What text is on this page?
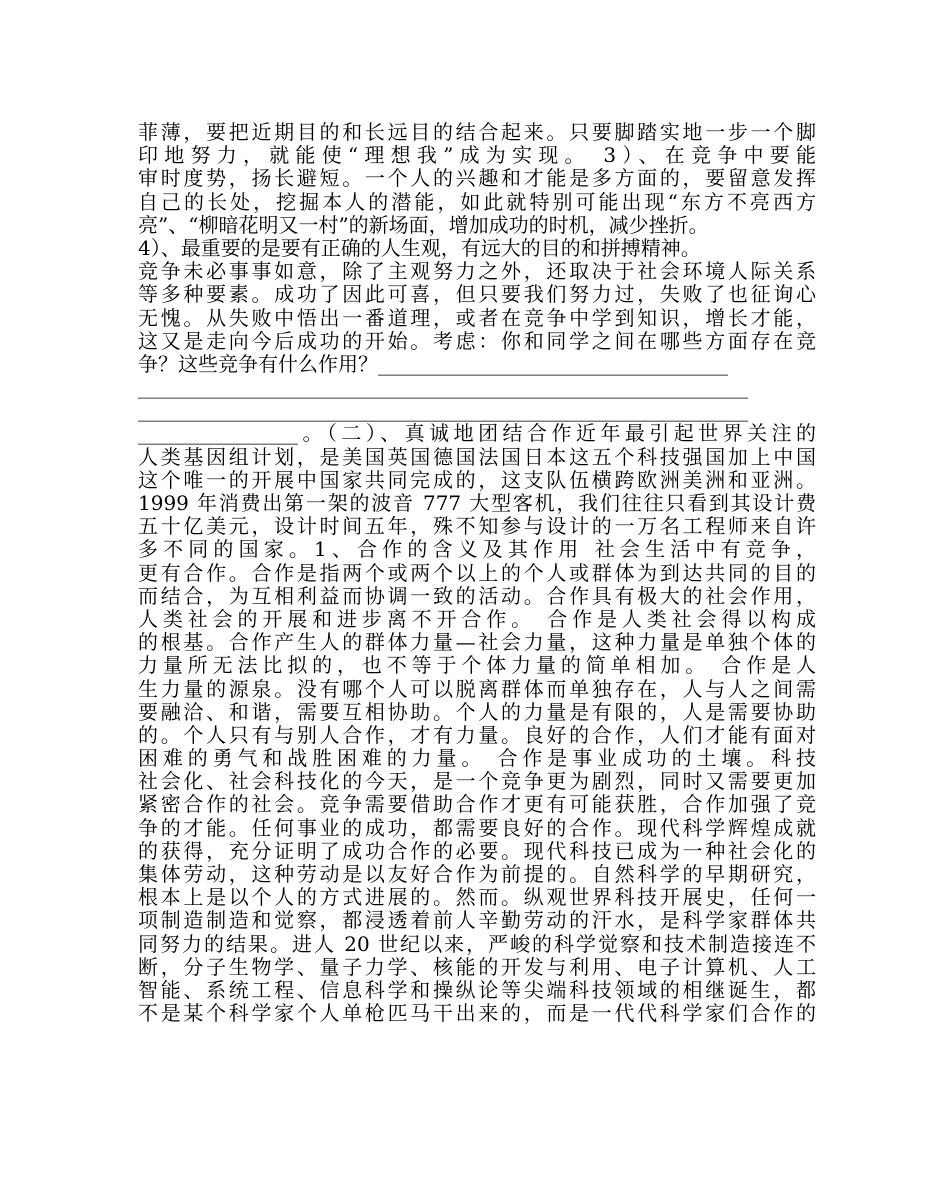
菲薄，要把近期目的和长远目的结合起来。只要脚踏实地一步一个脚
印地努力，就能使“理想我”成为实现。 3）、在竞争中要能
审时度势，扬长避短。一个人的兴趣和才能是多方面的，要留意发挥
自己的长处，挖掘本人的潜能，如此就特别可能出现“东方不亮西方
亮”、“柳暗花明又一村”的新场面，增加成功的时机，减少挫折。
4）、最重要的是要有正确的人生观，有远大的目的和拼搏精神。
竞争未必事事如意，除了主观努力之外，还取决于社会环境人际关系
等多种要素。成功了因此可喜，但只要我们努力过，失败了也征询心
无愧。从失败中悟出一番道理，或者在竞争中学到知识，增长才能，
这又是走向今后成功的开始。考虑：你和同学之间在哪些方面存在竞
争？这些竞争有什么作用？___________________________________
_____________________________________________________________
_____________________________________________________________
________________。（二）、真诚地团结合作近年最引起世界关注的
人类基因组计划，是美国英国德国法国日本这五个科技强国加上中国
这个唯一的开展中国家共同完成的，这支队伍横跨欧洲美洲和亚洲。
1999 年消费出第一架的波音 777 大型客机，我们往往只看到其设计费
五十亿美元，设计时间五年，殊不知参与设计的一万名工程师来自许
多不同的国家。1、合作的含义及其作用 社会生活中有竞争，
更有合作。合作是指两个或两个以上的个人或群体为到达共同的目的
而结合，为互相利益而协调一致的活动。合作具有极大的社会作用，
人类社会的开展和进步离不开合作。 合作是人类社会得以构成
的根基。合作产生人的群体力量—社会力量，这种力量是单独个体的
力量所无法比拟的，也不等于个体力量的简单相加。 合作是人
生力量的源泉。没有哪个人可以脱离群体而单独存在，人与人之间需
要融洽、和谐，需要互相协助。个人的力量是有限的，人是需要协助
的。个人只有与别人合作，才有力量。良好的合作，人们才能有面对
困难的勇气和战胜困难的力量。 合作是事业成功的土壤。科技
社会化、社会科技化的今天，是一个竞争更为剧烈，同时又需要更加
紧密合作的社会。竞争需要借助合作才更有可能获胜，合作加强了竞
争的才能。任何事业的成功，都需要良好的合作。现代科学辉煌成就
的获得，充分证明了成功合作的必要。现代科技已成为一种社会化的
集体劳动，这种劳动是以友好合作为前提的。自然科学的早期研究，
根本上是以个人的方式进展的。然而。纵观世界科技开展史，任何一
项制造制造和觉察，都浸透着前人辛勤劳动的汗水，是科学家群体共
同努力的结果。进人 20 世纪以来，严峻的科学觉察和技术制造接连不
断，分子生物学、量子力学、核能的开发与利用、电子计算机、人工
智能、系统工程、信息科学和操纵论等尖端科技领域的相继诞生，都
不是某个科学家个人单枪匹马干出来的，而是一代代科学家们合作的
